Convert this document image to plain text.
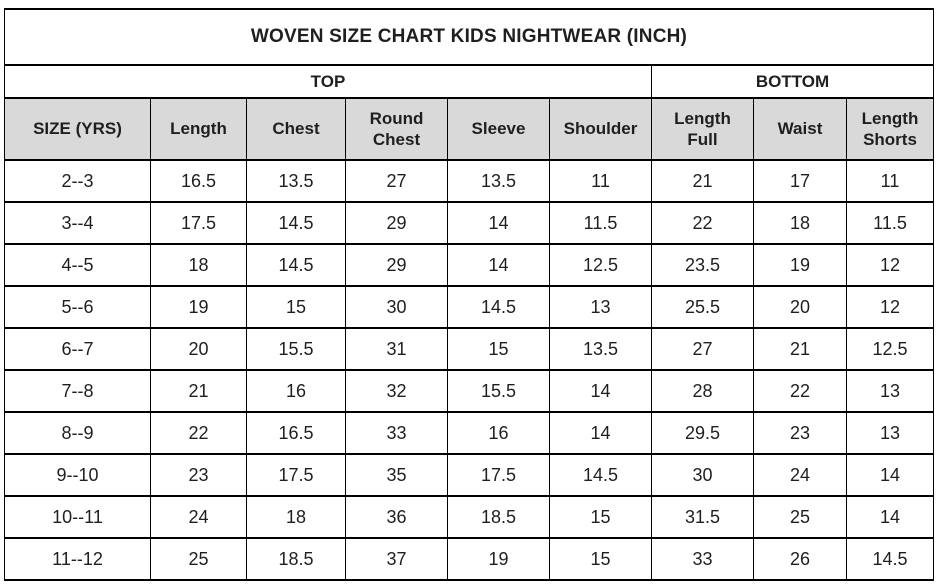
WOVEN SIZE CHART KIDS NIGHTWEAR (INCH)								
TOP						BOTTOM		
SIZE (YRS)	Length	Chest	Round Chest	Sleeve	Shoulder	Length Full	Waist	Length Shorts
2--3	16.5	13.5	27	13.5	11	21	17	11
3--4	17.5	14.5	29	14	11.5	22	18	11.5
4--5	18	14.5	29	14	12.5	23.5	19	12
5--6	19	15	30	14.5	13	25.5	20	12
6--7	20	15.5	31	15	13.5	27	21	12.5
7--8	21	16	32	15.5	14	28	22	13
8--9	22	16.5	33	16	14	29.5	23	13
9--10	23	17.5	35	17.5	14.5	30	24	14
10--11	24	18	36	18.5	15	31.5	25	14
11--12	25	18.5	37	19	15	33	26	14.5
